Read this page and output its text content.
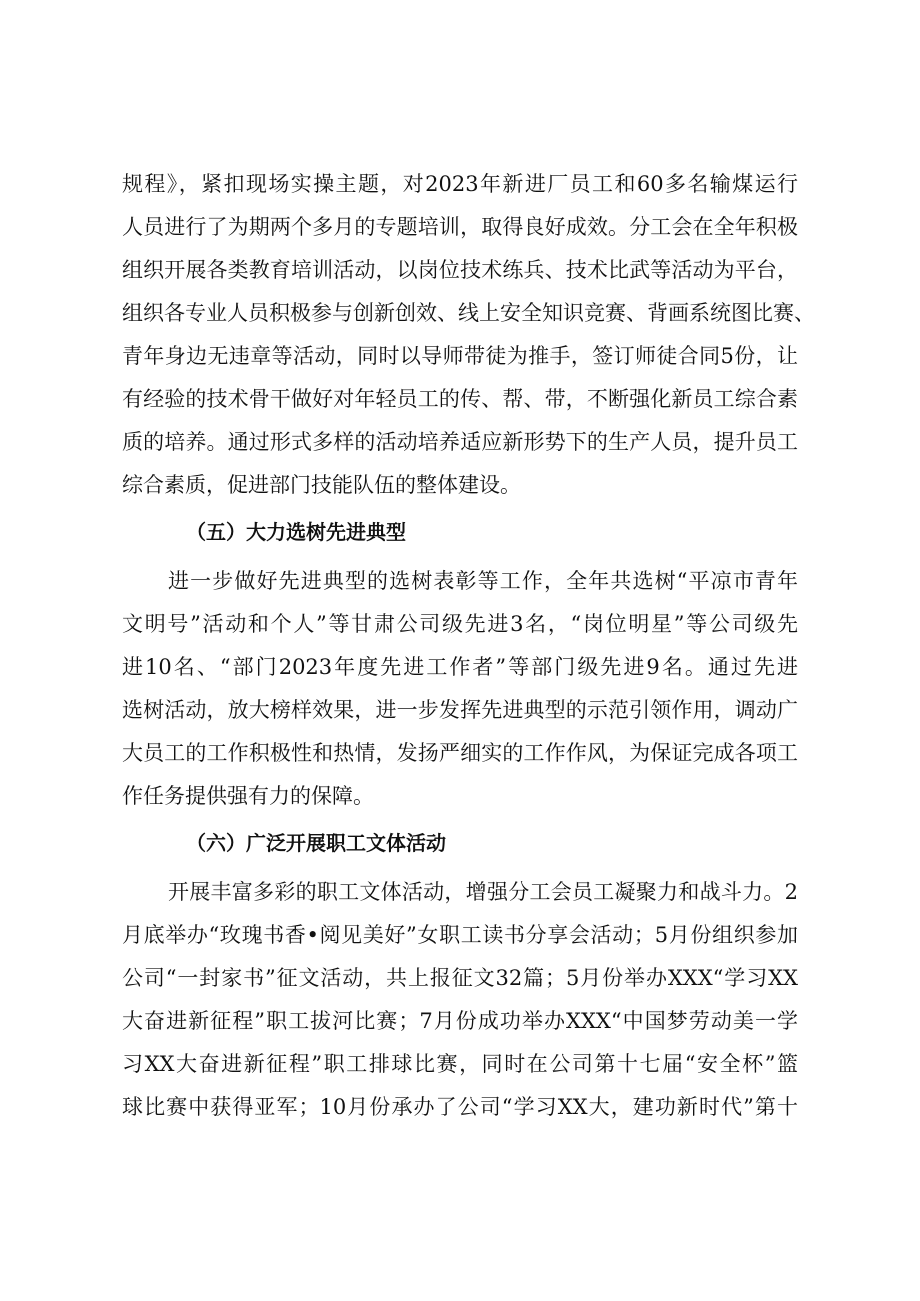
规程》，紧扣现场实操主题，对2023年新进厂员工和60多名输煤运行
人员进行了为期两个多月的专题培训，取得良好成效。分工会在全年积极
组织开展各类教育培训活动，以岗位技术练兵、技术比武等活动为平台，
组织各专业人员积极参与创新创效、线上安全知识竞赛、背画系统图比赛、
青年身边无违章等活动，同时以导师带徒为推手，签订师徒合同5份，让
有经验的技术骨干做好对年轻员工的传、帮、带，不断强化新员工综合素
质的培养。通过形式多样的活动培养适应新形势下的生产人员，提升员工
综合素质，促进部门技能队伍的整体建设。
（五）大力选树先进典型
进一步做好先进典型的选树表彰等工作，全年共选树“平凉市青年
文明号”活动和个人”等甘肃公司级先进3名，“岗位明星”等公司级先
进10名、“部门2023年度先进工作者”等部门级先进9名。通过先进
选树活动，放大榜样效果，进一步发挥先进典型的示范引领作用，调动广
大员工的工作积极性和热情，发扬严细实的工作作风，为保证完成各项工
作任务提供强有力的保障。
（六）广泛开展职工文体活动
开展丰富多彩的职工文体活动，增强分工会员工凝聚力和战斗力。2
月底举办“玫瑰书香•阅见美好”女职工读书分享会活动；5月份组织参加
公司“一封家书”征文活动，共上报征文32篇；5月份举办XXX“学习XX
大奋进新征程”职工拔河比赛；7月份成功举办XXX“中国梦劳动美一学
习XX大奋进新征程”职工排球比赛，同时在公司第十七届“安全杯”篮
球比赛中获得亚军；10月份承办了公司“学习XX大，建功新时代”第十
